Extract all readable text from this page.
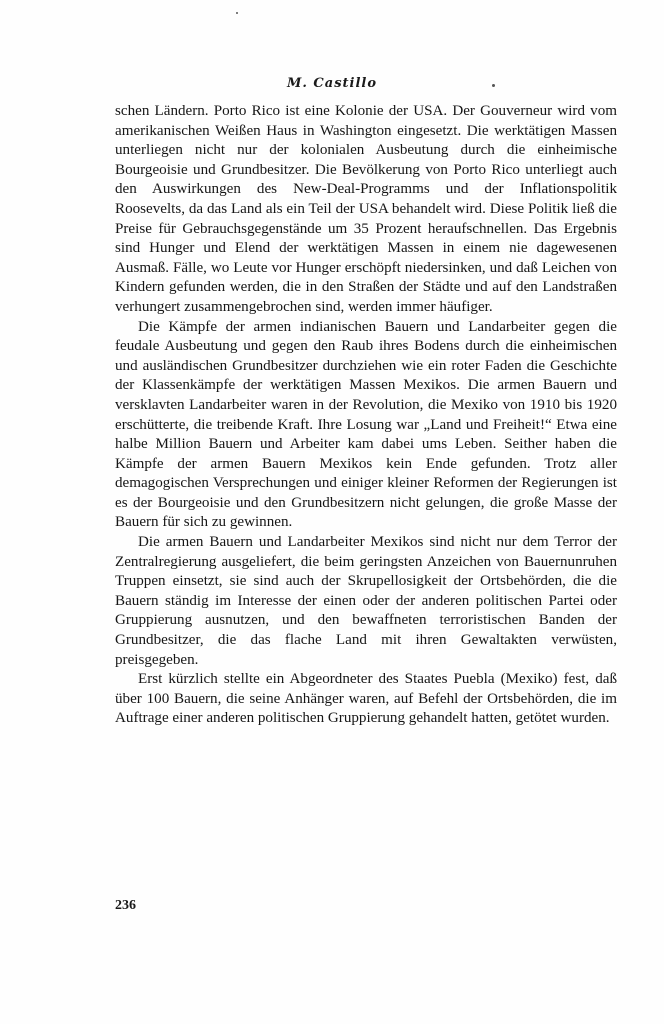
M. Castillo

schen Ländern. Porto Rico ist eine Kolonie der USA. Der Gouverneur wird vom amerikanischen Weißen Haus in Washington eingesetzt. Die werktätigen Massen unterliegen nicht nur der kolonialen Ausbeutung durch die einheimische Bourgeoisie und Grundbesitzer. Die Bevölkerung von Porto Rico unterliegt auch den Auswirkungen des New-Deal-Programms und der Inflationspolitik Roosevelts, da das Land als ein Teil der USA behandelt wird. Diese Politik ließ die Preise für Gebrauchsgegenstände um 35 Prozent heraufschnellen. Das Ergebnis sind Hunger und Elend der werktätigen Massen in einem nie dagewesenen Ausmaß. Fälle, wo Leute vor Hunger erschöpft niedersinken, und daß Leichen von Kindern gefunden werden, die in den Straßen der Städte und auf den Landstraßen verhungert zusammengebrochen sind, werden immer häufiger.

Die Kämpfe der armen indianischen Bauern und Landarbeiter gegen die feudale Ausbeutung und gegen den Raub ihres Bodens durch die einheimischen und ausländischen Grundbesitzer durchziehen wie ein roter Faden die Geschichte der Klassenkämpfe der werktätigen Massen Mexikos. Die armen Bauern und versklavten Landarbeiter waren in der Revolution, die Mexiko von 1910 bis 1920 erschütterte, die treibende Kraft. Ihre Losung war „Land und Freiheit!“ Etwa eine halbe Million Bauern und Arbeiter kam dabei ums Leben. Seither haben die Kämpfe der armen Bauern Mexikos kein Ende gefunden. Trotz aller demagogischen Versprechungen und einiger kleiner Reformen der Regierungen ist es der Bourgeoisie und den Grundbesitzern nicht gelungen, die große Masse der Bauern für sich zu gewinnen.

Die armen Bauern und Landarbeiter Mexikos sind nicht nur dem Terror der Zentralregierung ausgeliefert, die beim geringsten Anzeichen von Bauernunruhen Truppen einsetzt, sie sind auch der Skrupellosigkeit der Ortsbehörden, die die Bauern ständig im Interesse der einen oder der anderen politischen Partei oder Gruppierung ausnutzen, und den bewaffneten terroristischen Banden der Grundbesitzer, die das flache Land mit ihren Gewaltakten verwüsten, preisgegeben.

Erst kürzlich stellte ein Abgeordneter des Staates Puebla (Mexiko) fest, daß über 100 Bauern, die seine Anhänger waren, auf Befehl der Ortsbehörden, die im Auftrage einer anderen politischen Gruppierung gehandelt hatten, getötet wurden.

236
